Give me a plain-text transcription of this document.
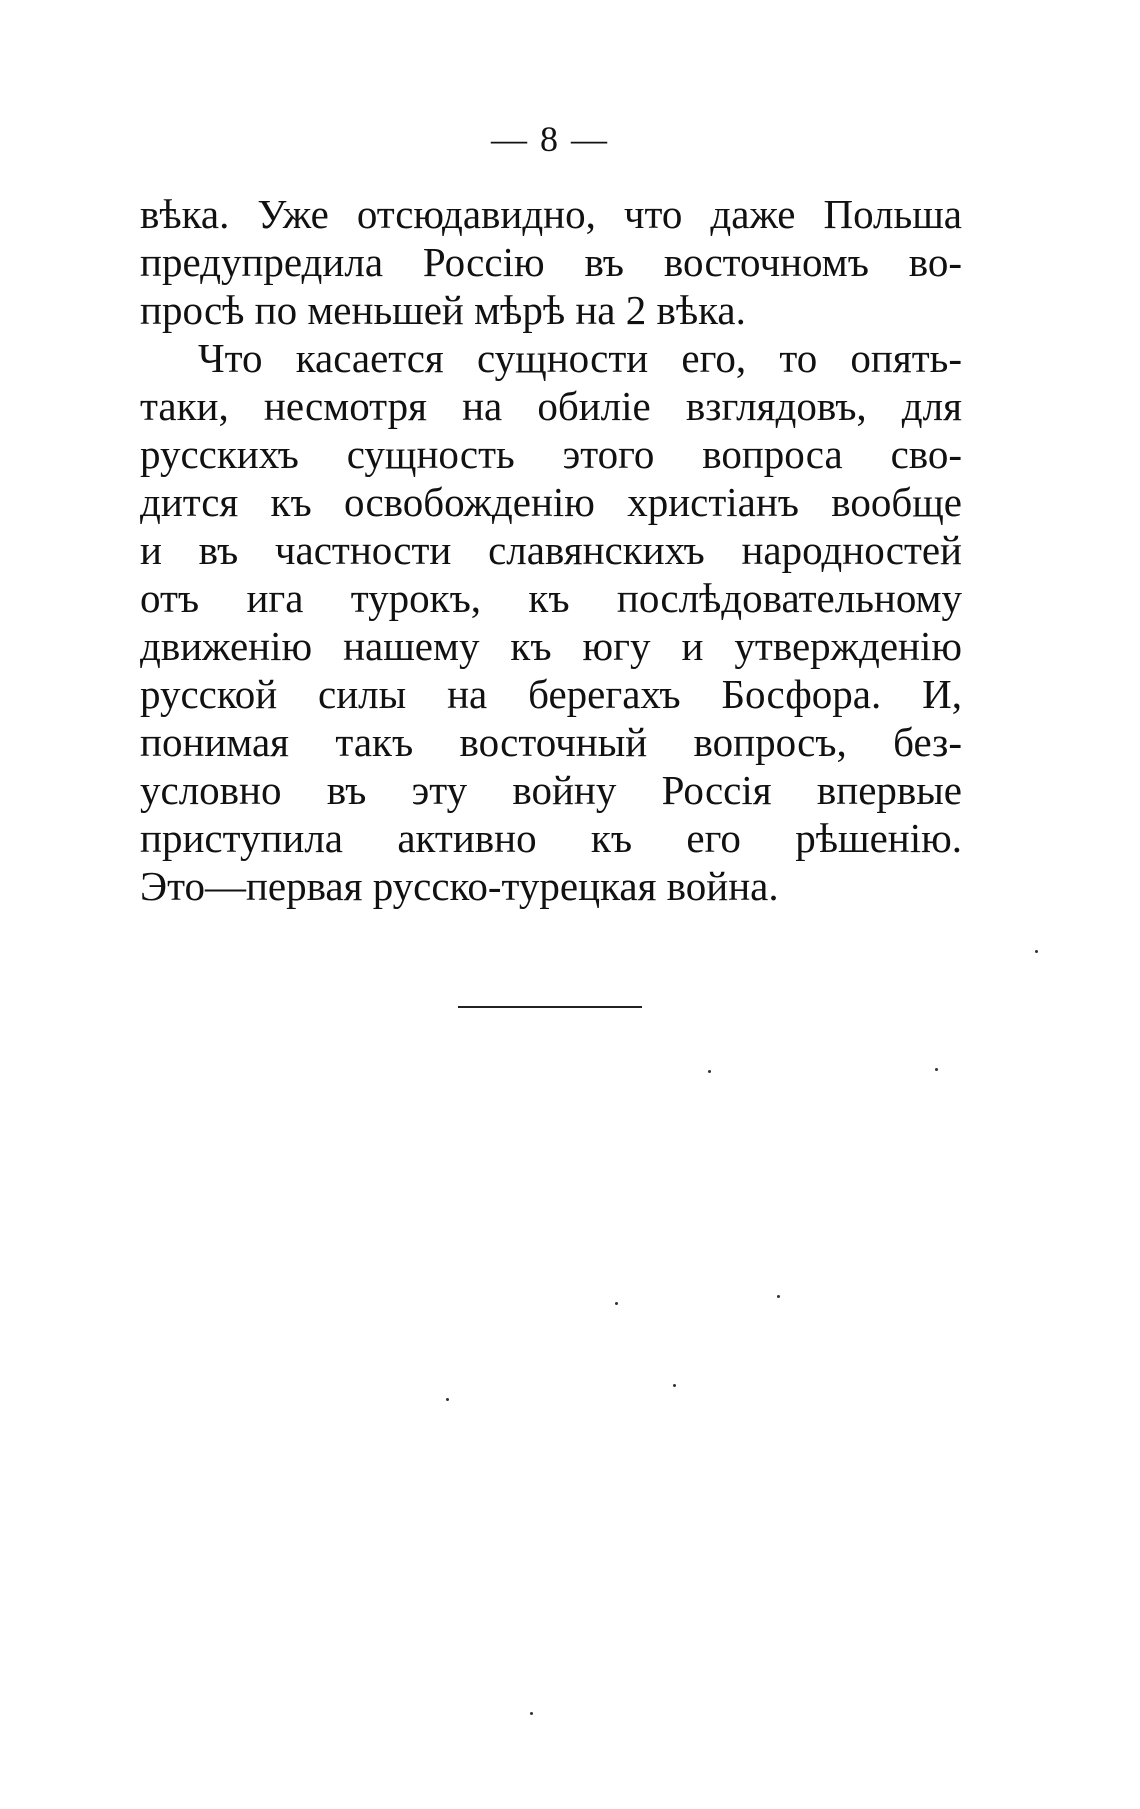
— 8 —
вѣка. Уже отсюдавидно, что даже Польша
предупредила Россію въ восточномъ во-
просѣ по меньшей мѣрѣ на 2 вѣка.
Что касается сущности его, то опять-
таки, несмотря на обиліе взглядовъ, для
русскихъ сущность этого вопроса сво-
дится къ освобожденію христіанъ вообще
и въ частности славянскихъ народностей
отъ ига турокъ, къ послѣдовательному
движенію нашему къ югу и утвержденію
русской силы на берегахъ Босфора. И,
понимая такъ восточный вопросъ, без-
условно въ эту войну Россія впервые
приступила активно къ его рѣшенію.
Это—первая русско-турецкая война.
